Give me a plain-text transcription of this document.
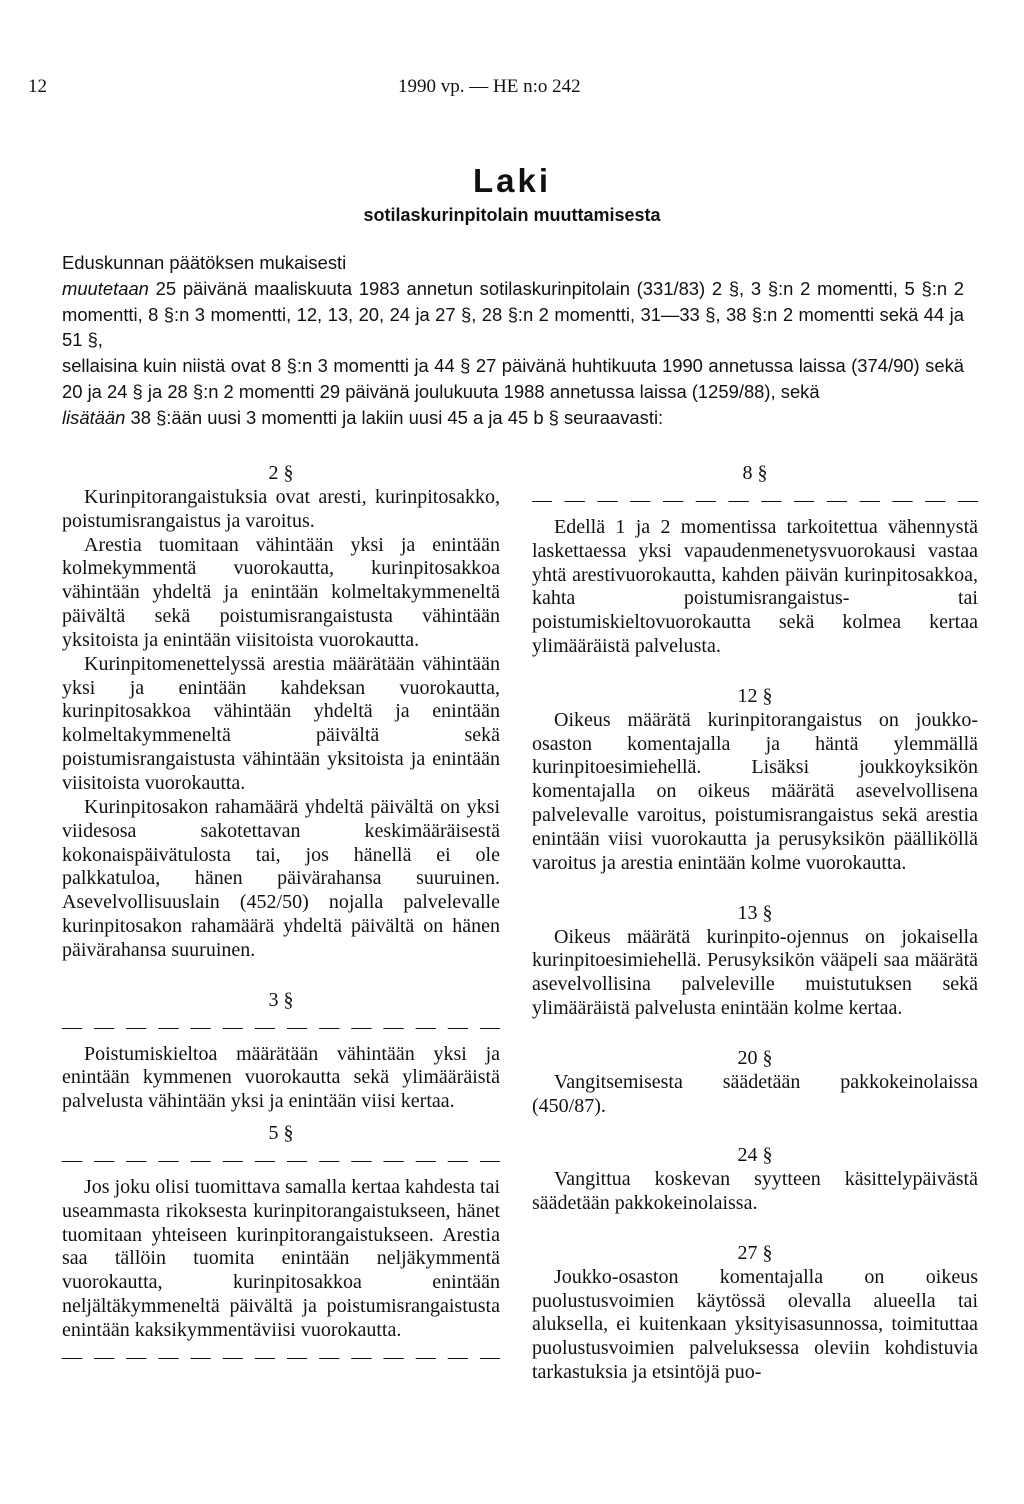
12	1990 vp. — HE n:o 242
Laki
sotilaskurinpitolain muuttamisesta

Eduskunnan päätöksen mukaisesti

muutetaan 25 päivänä maaliskuuta 1983 annetun sotilaskurinpitolain (331/83) 2 §, 3 §:n 2 momentti, 5 §:n 2 momentti, 8 §:n 3 momentti, 12, 13, 20, 24 ja 27 §, 28 §:n 2 momentti, 31—33 §, 38 §:n 2 momentti sekä 44 ja 51 §,

sellaisina kuin niistä ovat 8 §:n 3 momentti ja 44 § 27 päivänä huhtikuuta 1990 annetussa laissa (374/90) sekä 20 ja 24 § ja 28 §:n 2 momentti 29 päivänä joulukuuta 1988 annetussa laissa (1259/88), sekä

lisätään 38 §:ään uusi 3 momentti ja lakiin uusi 45 a ja 45 b § seuraavasti:

2 §

Kurinpitorangaistuksia ovat aresti, kurinpitosakko, poistumisrangaistus ja varoitus.

Arestia tuomitaan vähintään yksi ja enintään kolmekymmentä vuorokautta, kurinpitosakkoa vähintään yhdeltä ja enintään kolmeltakymmeneltä päivältä sekä poistumisrangaistusta vähintään yksitoista ja enintään viisitoista vuorokautta.

Kurinpitomenettelyssä arestia määrätään vähintään yksi ja enintään kahdeksan vuorokautta, kurinpitosakkoa vähintään yhdeltä ja enintään kolmeltakymmeneltä päivältä sekä poistumisrangaistusta vähintään yksitoista ja enintään viisitoista vuorokautta.

Kurinpitosakon rahamäärä yhdeltä päivältä on yksi viidesosa sakotettavan keskimääräisestä kokonaispäivätulosta tai, jos hänellä ei ole palkkatuloa, hänen päivärahansa suuruinen. Asevelvollisuuslain (452/50) nojalla palvelevalle kurinpitosakon rahamäärä yhdeltä päivältä on hänen päivärahansa suuruinen.

3 §

— — — — — — — — — — — — — —

Poistumiskieltoa määrätään vähintään yksi ja enintään kymmenen vuorokautta sekä ylimääräistä palvelusta vähintään yksi ja enintään viisi kertaa.

5 §

— — — — — — — — — — — — — —

Jos joku olisi tuomittava samalla kertaa kahdesta tai useammasta rikoksesta kurinpitorangaistukseen, hänet tuomitaan yhteiseen kurinpitorangaistukseen. Arestia saa tällöin tuomita enintään neljäkymmentä vuorokautta, kurinpitosakkoa enintään neljältäkymmeneltä päivältä ja poistumisrangaistusta enintään kaksikymmentäviisi vuorokautta.

— — — — — — — — — — — — — —

8 §

— — — — — — — — — — — — — —

Edellä 1 ja 2 momentissa tarkoitettua vähennystä laskettaessa yksi vapaudenmenetysvuorokausi vastaa yhtä arestivuorokautta, kahden päivän kurinpitosakkoa, kahta poistumisrangaistus- tai poistumiskieltovuorokautta sekä kolmea kertaa ylimääräistä palvelusta.

12 §

Oikeus määrätä kurinpitorangaistus on joukko-osaston komentajalla ja häntä ylemmällä kurinpitoesimiehellä. Lisäksi joukkoyksikön komentajalla on oikeus määrätä asevelvollisena palvelevalle varoitus, poistumisrangaistus sekä arestia enintään viisi vuorokautta ja perusyksikön päälliköllä varoitus ja arestia enintään kolme vuorokautta.

13 §

Oikeus määrätä kurinpito-ojennus on jokaisella kurinpitoesimiehellä. Perusyksikön vääpeli saa määrätä asevelvollisina palveleville muistutuksen sekä ylimääräistä palvelusta enintään kolme kertaa.

20 §

Vangitsemisesta säädetään pakkokeinolaissa (450/87).

24 §

Vangittua koskevan syytteen käsittelypäivästä säädetään pakkokeinolaissa.

27 §

Joukko-osaston komentajalla on oikeus puolustusvoimien käytössä olevalla alueella tai aluksella, ei kuitenkaan yksityisasunnossa, toimituttaa puolustusvoimien palveluksessa oleviin kohdistuvia tarkastuksia ja etsintöjä puo-
